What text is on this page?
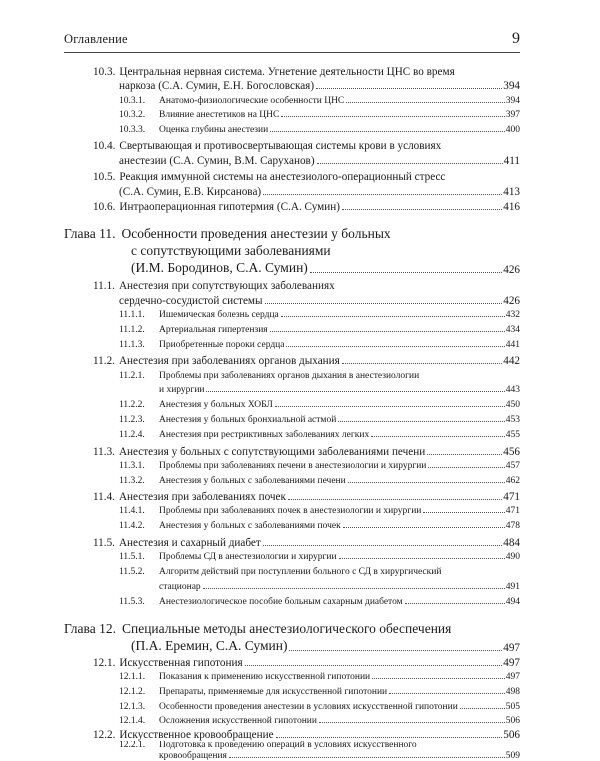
Оглавление	9
10.3. Центральная нервная система. Угнетение деятельности ЦНС во время
наркоза (С.А. Сумин, Е.Н. Богословская)	394
10.3.1. Анатомо-физиологические особенности ЦНС	394
10.3.2. Влияние анестетиков на ЦНС	397
10.3.3. Оценка глубины анестезии	400
10.4. Свертывающая и противосвертывающая системы крови в условиях
анестезии (С.А. Сумин, В.М. Саруханов)	411
10.5. Реакция иммунной системы на анестезиолого-операционный стресс
(С.А. Сумин, Е.В. Кирсанова)	413
10.6. Интраоперационная гипотермия (С.А. Сумин)	416
Глава 11. Особенности проведения анестезии у больных
с сопутствующими заболеваниями
(И.М. Бородинов, С.А. Сумин)	426
11.1. Анестезия при сопутствующих заболеваниях
сердечно-сосудистой системы	426
11.1.1. Ишемическая болезнь сердца	432
11.1.2. Артериальная гипертензия	434
11.1.3. Приобретенные пороки сердца	441
11.2. Анестезия при заболеваниях органов дыхания	442
11.2.1. Проблемы при заболеваниях органов дыхания в анестезиологии
и хирургии	443
11.2.2. Анестезия у больных ХОБЛ	450
11.2.3. Анестезия у больных бронхиальной астмой	453
11.2.4. Анестезия при рестриктивных заболеваниях легких	455
11.3. Анестезия у больных с сопутствующими заболеваниями печени	456
11.3.1. Проблемы при заболеваниях печени в анестезиологии и хирургии	457
11.3.2. Анестезия у больных с заболеваниями печени	462
11.4. Анестезия при заболеваниях почек	471
11.4.1. Проблемы при заболеваниях почек в анестезиологии и хирургии	471
11.4.2. Анестезия у больных с заболеваниями почек	478
11.5. Анестезия и сахарный диабет	484
11.5.1. Проблемы СД в анестезиологии и хирургии	490
11.5.2. Алгоритм действий при поступлении больного с СД в хирургический
стационар	491
11.5.3. Анестезиологическое пособие больным сахарным диабетом	494
Глава 12. Специальные методы анестезиологического обеспечения
(П.А. Еремин, С.А. Сумин)	497
12.1. Искусственная гипотония	497
12.1.1. Показания к применению искусственной гипотонии	497
12.1.2. Препараты, применяемые для искусственной гипотонии	498
12.1.3. Особенности проведения анестезии в условиях искусственной гипотонии	505
12.1.4. Осложнения искусственной гипотонии	506
12.2. Искусственное кровообращение	506
12.2.1. Подготовка к проведению операций в условиях искусственного
кровообращения	509
